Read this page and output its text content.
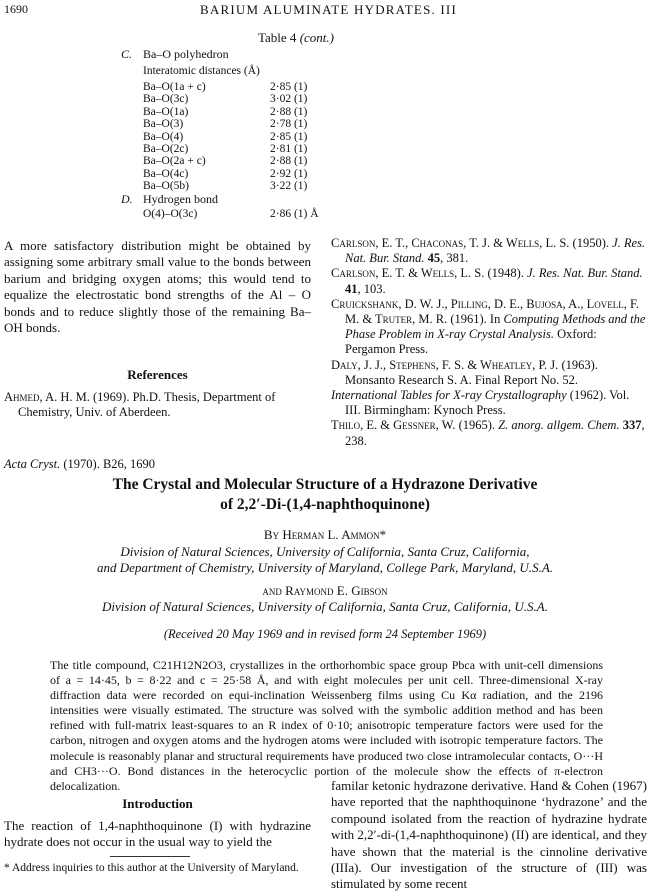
1690	BARIUM ALUMINATE HYDRATES. III
Table 4 (cont.)
C. Ba–O polyhedron
Interatomic distances (Å)
Ba–O(1a + c)	2·85 (1)
Ba–O(3c)	3·02 (1)
Ba–O(1a)	2·88 (1)
Ba–O(3)	2·78 (1)
Ba–O(4)	2·85 (1)
Ba–O(2c)	2·81 (1)
Ba–O(2a + c)	2·88 (1)
Ba–O(4c)	2·92 (1)
Ba–O(5b)	3·22 (1)
D. Hydrogen bond
O(4)–O(3c)	2·86 (1) Å
A more satisfactory distribution might be obtained by assigning some arbitrary small value to the bonds between barium and bridging oxygen atoms; this would tend to equalize the electrostatic bond strengths of the Al – O bonds and to reduce slightly those of the remaining Ba–OH bonds.
References
Ahmed, A. H. M. (1969). Ph.D. Thesis, Department of Chemistry, Univ. of Aberdeen.
Carlson, E. T., Chaconas, T. J. & Wells, L. S. (1950). J. Res. Nat. Bur. Stand. 45, 381.
Carlson, E. T. & Wells, L. S. (1948). J. Res. Nat. Bur. Stand. 41, 103.
Cruickshank, D. W. J., Pilling, D. E., Bujosa, A., Lovell, F. M. & Truter, M. R. (1961). In Computing Methods and the Phase Problem in X-ray Crystal Analysis. Oxford: Pergamon Press.
Daly, J. J., Stephens, F. S. & Wheatley, P. J. (1963). Monsanto Research S. A. Final Report No. 52.
International Tables for X-ray Crystallography (1962). Vol. III. Birmingham: Kynoch Press.
Thilo, E. & Gessner, W. (1965). Z. anorg. allgem. Chem. 337, 238.
Acta Cryst. (1970). B26, 1690
The Crystal and Molecular Structure of a Hydrazone Derivative
of 2,2′-Di-(1,4-naphthoquinone)
By Herman L. Ammon*
Division of Natural Sciences, University of California, Santa Cruz, California,
and Department of Chemistry, University of Maryland, College Park, Maryland, U.S.A.
and Raymond E. Gibson
Division of Natural Sciences, University of California, Santa Cruz, California, U.S.A.
(Received 20 May 1969 and in revised form 24 September 1969)
The title compound, C21H12N2O3, crystallizes in the orthorhombic space group Pbca with unit-cell dimensions of a = 14·45, b = 8·22 and c = 25·58 Å, and with eight molecules per unit cell. Three-dimensional X-ray diffraction data were recorded on equi-inclination Weissenberg films using Cu Kα radiation, and the 2196 intensities were visually estimated. The structure was solved with the symbolic addition method and has been refined with full-matrix least-squares to an R index of 0·10; anisotropic temperature factors were used for the carbon, nitrogen and oxygen atoms and the hydrogen atoms were included with isotropic temperature factors. The molecule is reasonably planar and structural requirements have produced two close intramolecular contacts, O···H and CH3···O. Bond distances in the heterocyclic portion of the molecule show the effects of π-electron delocalization.
Introduction
The reaction of 1,4-naphthoquinone (I) with hydrazine hydrate does not occur in the usual way to yield the
* Address inquiries to this author at the University of Maryland.
familar ketonic hydrazone derivative. Hand & Cohen (1967) have reported that the naphthoquinone ‘hydrazone’ and the compound isolated from the reaction of hydrazine hydrate with 2,2′-di-(1,4-naphthoquinone) (II) are identical, and they have shown that the material is the cinnoline derivative (IIIa). Our investigation of the structure of (III) was stimulated by some recent
